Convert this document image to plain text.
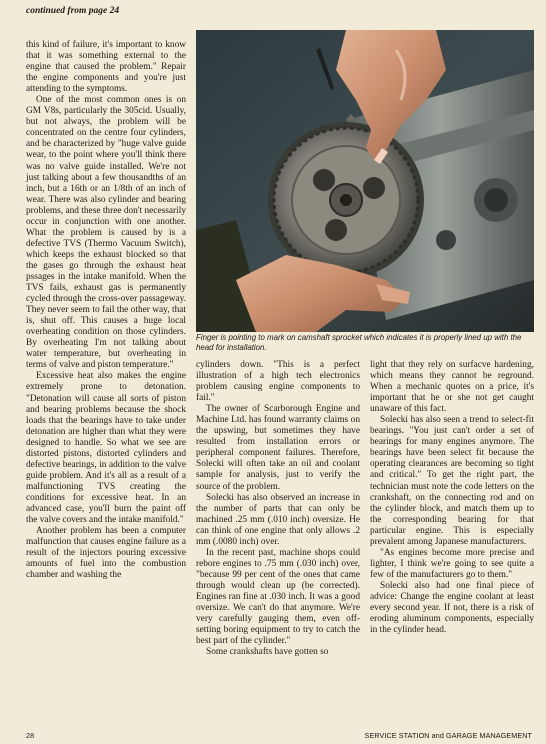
continued from page 24

this kind of failure, it's important to know that it was something external to the engine that caused the problem." Repair the engine components and you're just attending to the symptoms.

One of the most common ones is on GM V8s, particularly the 305cid. Usually, but not always, the problem will be concentrated on the centre four cylinders, and be characterized by "huge valve guide wear, to the point where you'll think there was no valve guide installed. We're not just talking about a few thousandths of an inch, but a 16th or an 1/8th of an inch of wear. There was also cylinder and bearing problems, and these three don't necessarily occur in conjunction with one another. What the problem is caused by is a defective TVS (Thermo Vacuum Switch), which keeps the exhaust blocked so that the gases go through the exhaust heat pssages in the intake manifold. When the TVS fails, exhaust gas is permanently cycled through the cross-over passageway. They never seem to fail the other way, that is, shut off. This causes a huge local overheating condition on those cylinders. By overheating I'm not talking about water temperature, but overheating in terms of valve and piston temperature."

Excessive heat also makes the engine extremely prone to detonation. "Detonation will cause all sorts of piston and bearing problems because the shock loads that the bearings have to take under detonation are higher than what they were designed to handle. So what we see are distorted pistons, distorted cylinders and defective bearings, in addition to the valve guide problem. And it's all as a result of a malfunctioning TVS creating the conditions for excessive heat. In an advanced case, you'll burn the paint off the valve covers and the intake manifold."

Another problem has been a computer malfunction that causes engine failure as a result of the injectors pouring excessive amounts of fuel into the combustion chamber and washing the

Finger is pointing to mark on camshaft sprocket which indicates it is properly lined up with the head for installation.

cylinders down. "This is a perfect illustration of a high tech electronics problem causing engine components to fail."

The owner of Scarborough Engine and Machine Ltd. has found warranty claims on the upswing, but sometimes they have resulted from installation errors or peripheral component failures. Therefore, Solecki will often take an oil and coolant sample for analysis, just to verify the source of the problem.

Solecki has also observed an increase in the number of parts that can only be machined .25 mm (.010 inch) oversize. He can think of one engine that only allows .2 mm (.0080 inch) over.

In the recent past, machine shops could rebore engines to .75 mm (.030 inch) over, "because 99 per cent of the ones that came through would clean up (be corrected). Engines ran fine at .030 inch. It was a good oversize. We can't do that anymore. We're very carefully gauging them, even off-setting boring equipment to try to catch the best part of the cylinder."

Some crankshafts have gotten so

light that they rely on surfacve hardening, which means they cannot be reground. When a mechanic quotes on a price, it's important that he or she not get caught unaware of this fact.

Solecki has also seen a trend to select-fit bearings. "You just can't order a set of bearings for many engines anymore. The bearings have been select fit because the operating clearances are becoming so tight and critical." To get the right part, the technician must note the code letters on the crankshaft, on the connecting rod and on the cylinder block, and match them up to the corresponding bearing for that particular engine. This is especially prevalent among Japanese manufacturers.

"As engines become more precise and lighter, I think we're going to see quite a few of the manufacturers go to them."

Solecki also had one final piece of advice: Change the engine coolant at least every second year. If not, there is a risk of eroding aluminum components, especially in the cylinder head.

28	SERVICE STATION and GARAGE MANAGEMENT
